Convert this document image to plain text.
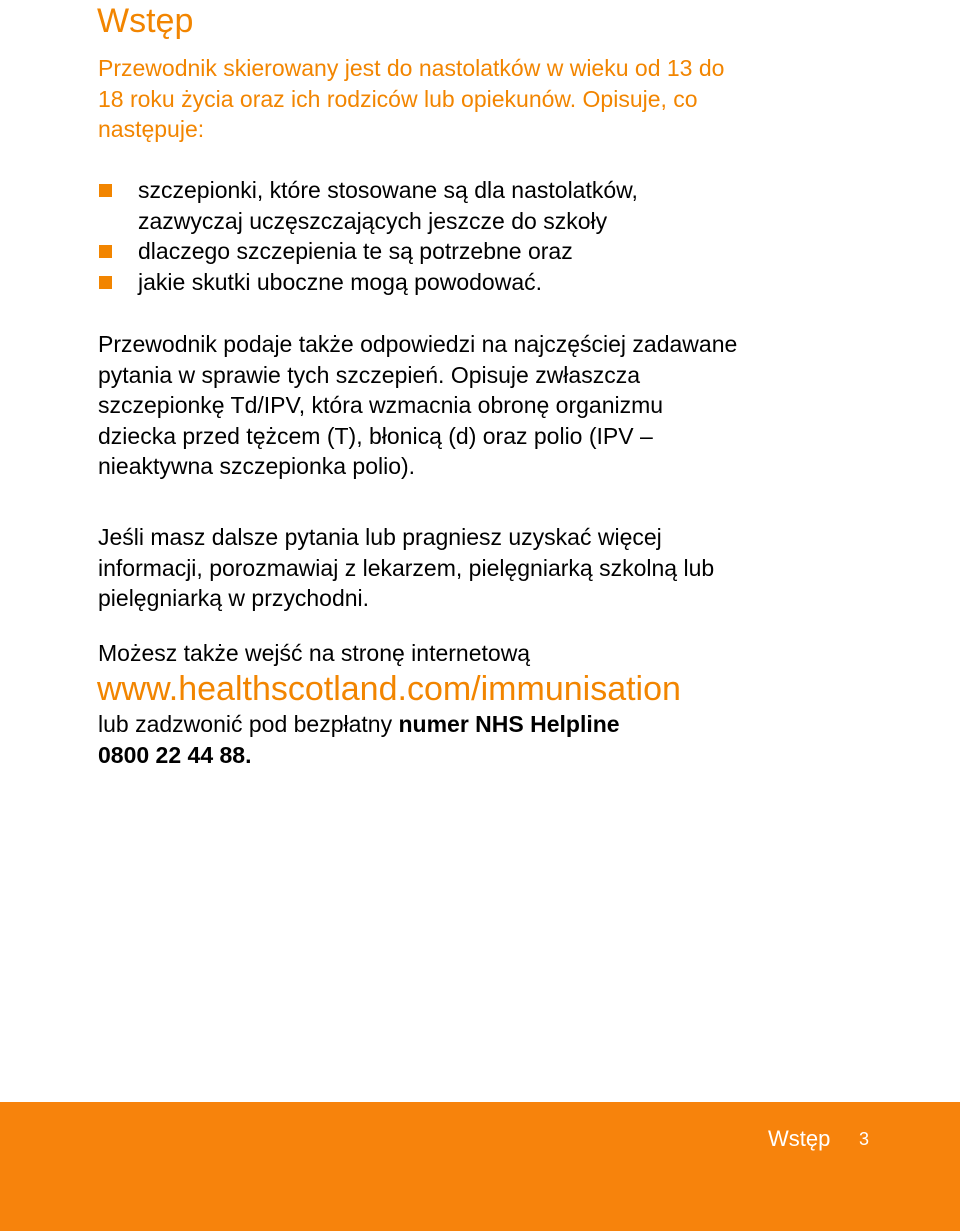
Wstęp

Przewodnik skierowany jest do nastolatków w wieku od 13 do
18 roku życia oraz ich rodziców lub opiekunów. Opisuje, co
następuje:

szczepionki, które stosowane są dla nastolatków,
zazwyczaj uczęszczających jeszcze do szkoły
dlaczego szczepienia te są potrzebne oraz
jakie skutki uboczne mogą powodować.

Przewodnik podaje także odpowiedzi na najczęściej zadawane
pytania w sprawie tych szczepień. Opisuje zwłaszcza
szczepionkę Td/IPV, która wzmacnia obronę organizmu
dziecka przed tężcem (T), błonicą (d) oraz polio (IPV –
nieaktywna szczepionka polio).

Jeśli masz dalsze pytania lub pragniesz uzyskać więcej
informacji, porozmawiaj z lekarzem, pielęgniarką szkolną lub
pielęgniarką w przychodni.

Możesz także wejść na stronę internetową

www.healthscotland.com/immunisation

lub zadzwonić pod bezpłatny numer NHS Helpline
0800 22 44 88.

Wstęp 3
